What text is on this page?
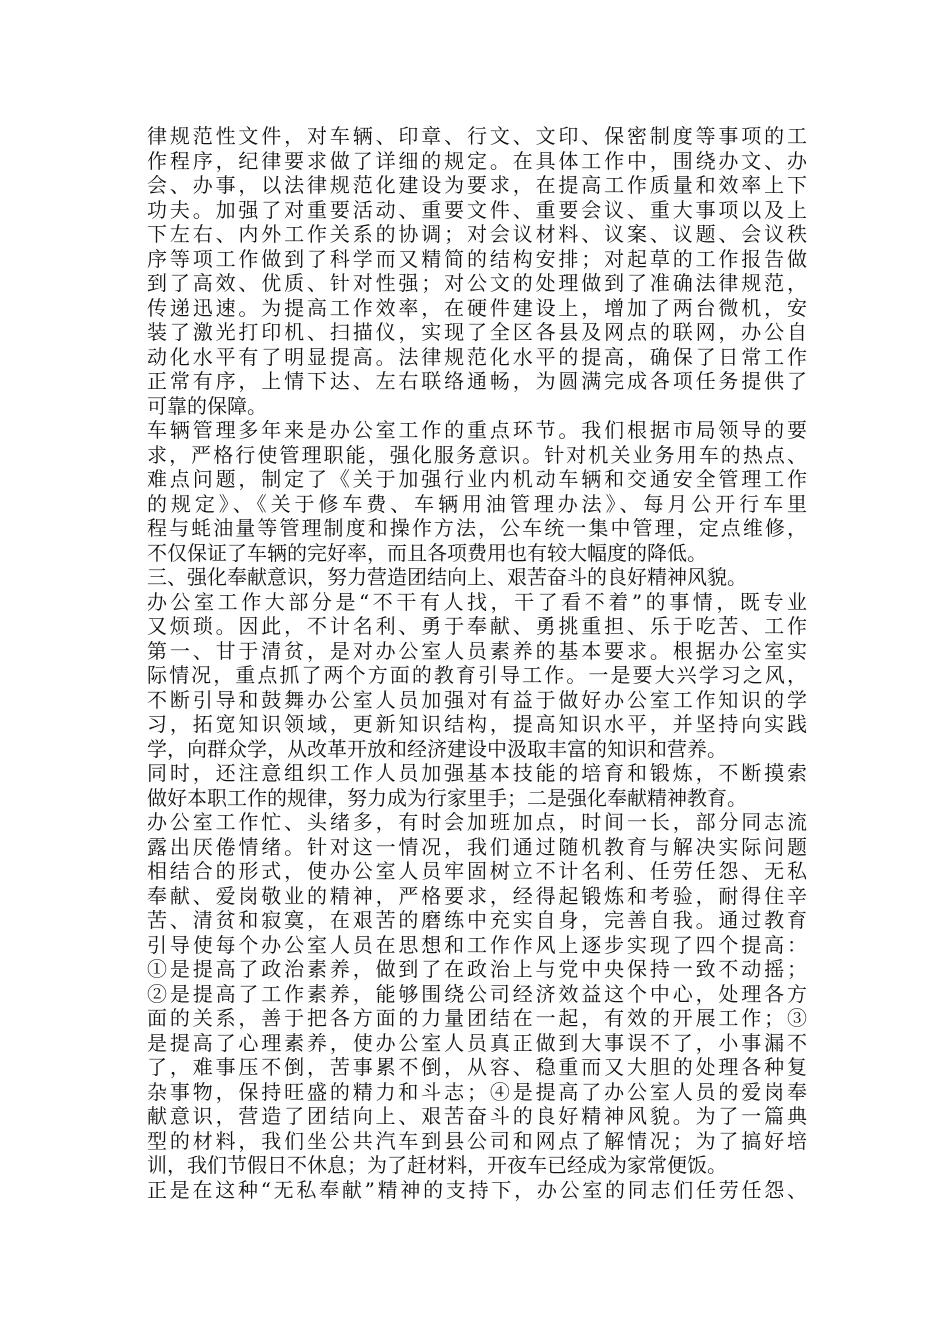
律规范性文件，对车辆、印章、行文、文印、保密制度等事项的工
作程序，纪律要求做了详细的规定。在具体工作中，围绕办文、办
会、办事，以法律规范化建设为要求，在提高工作质量和效率上下
功夫。加强了对重要活动、重要文件、重要会议、重大事项以及上
下左右、内外工作关系的协调；对会议材料、议案、议题、会议秩
序等项工作做到了科学而又精简的结构安排；对起草的工作报告做
到了高效、优质、针对性强；对公文的处理做到了准确法律规范，
传递迅速。为提高工作效率，在硬件建设上，增加了两台微机，安
装了激光打印机、扫描仪，实现了全区各县及网点的联网，办公自
动化水平有了明显提高。法律规范化水平的提高，确保了日常工作
正常有序，上情下达、左右联络通畅，为圆满完成各项任务提供了
可靠的保障。
车辆管理多年来是办公室工作的重点环节。我们根据市局领导的要
求，严格行使管理职能，强化服务意识。针对机关业务用车的热点、
难点问题，制定了《关于加强行业内机动车辆和交通安全管理工作
的规定》、《关于修车费、车辆用油管理办法》、每月公开行车里
程与蚝油量等管理制度和操作方法，公车统一集中管理，定点维修，
不仅保证了车辆的完好率，而且各项费用也有较大幅度的降低。
三、强化奉献意识，努力营造团结向上、艰苦奋斗的良好精神风貌。
办公室工作大部分是“不干有人找，干了看不着”的事情，既专业
又烦琐。因此，不计名利、勇于奉献、勇挑重担、乐于吃苦、工作
第一、甘于清贫，是对办公室人员素养的基本要求。根据办公室实
际情况，重点抓了两个方面的教育引导工作。一是要大兴学习之风，
不断引导和鼓舞办公室人员加强对有益于做好办公室工作知识的学
习，拓宽知识领域，更新知识结构，提高知识水平，并坚持向实践
学，向群众学，从改革开放和经济建设中汲取丰富的知识和营养。
同时，还注意组织工作人员加强基本技能的培育和锻炼，不断摸索
做好本职工作的规律，努力成为行家里手；二是强化奉献精神教育。
办公室工作忙、头绪多，有时会加班加点，时间一长，部分同志流
露出厌倦情绪。针对这一情况，我们通过随机教育与解决实际问题
相结合的形式，使办公室人员牢固树立不计名利、任劳任怨、无私
奉献、爱岗敬业的精神，严格要求，经得起锻炼和考验，耐得住辛
苦、清贫和寂寞，在艰苦的磨练中充实自身，完善自我。通过教育
引导使每个办公室人员在思想和工作作风上逐步实现了四个提高：
①是提高了政治素养，做到了在政治上与党中央保持一致不动摇；
②是提高了工作素养，能够围绕公司经济效益这个中心，处理各方
面的关系，善于把各方面的力量团结在一起，有效的开展工作；③
是提高了心理素养，使办公室人员真正做到大事误不了，小事漏不
了，难事压不倒，苦事累不倒，从容、稳重而又大胆的处理各种复
杂事物，保持旺盛的精力和斗志；④是提高了办公室人员的爱岗奉
献意识，营造了团结向上、艰苦奋斗的良好精神风貌。为了一篇典
型的材料，我们坐公共汽车到县公司和网点了解情况；为了搞好培
训，我们节假日不休息；为了赶材料，开夜车已经成为家常便饭。
正是在这种“无私奉献”精神的支持下，办公室的同志们任劳任怨、
